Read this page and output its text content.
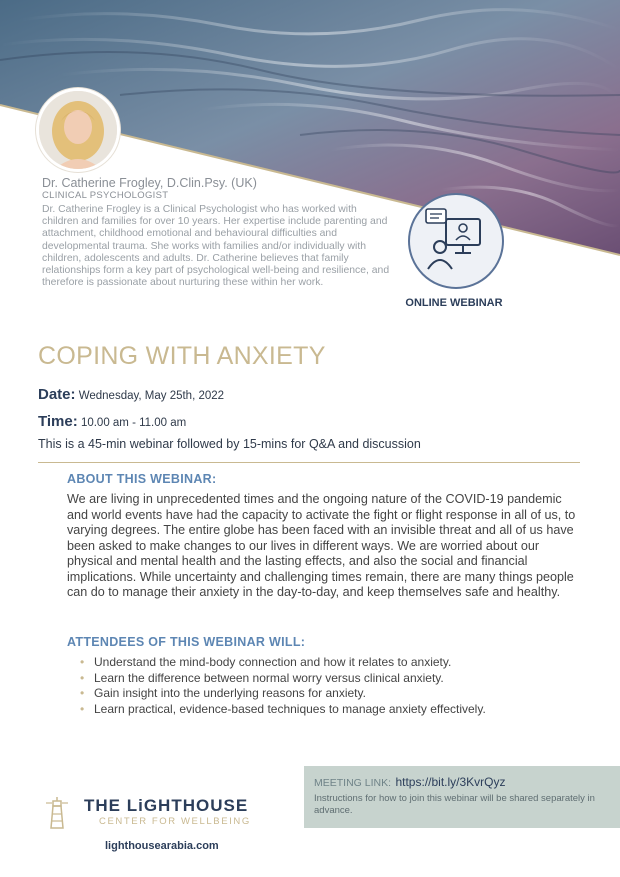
Dr. Catherine Frogley, D.Clin.Psy. (UK)
CLINICAL PSYCHOLOGIST
Dr. Catherine Frogley is a Clinical Psychologist who has worked with children and families for over 10 years. Her expertise include parenting and attachment, childhood emotional and behavioural difficulties and developmental trauma. She works with families and/or individually with children, adolescents and adults. Dr. Catherine believes that family relationships form a key part of psychological well-being and resilience, and therefore is passionate about nurturing these within her work.
ONLINE WEBINAR
COPING WITH ANXIETY
Date: Wednesday, May 25th, 2022
Time: 10.00 am - 11.00 am
This is a 45-min webinar followed by 15-mins for Q&A and discussion
ABOUT THIS WEBINAR:
We are living in unprecedented times and the ongoing nature of the COVID-19 pandemic and world events have had the capacity to activate the fight or flight response in all of us, to varying degrees. The entire globe has been faced with an invisible threat and all of us have been asked to make changes to our lives in different ways. We are worried about our physical and mental health and the lasting effects, and also the social and financial implications. While uncertainty and challenging times remain, there are many things people can do to manage their anxiety in the day-to-day, and keep themselves safe and healthy.
ATTENDEES OF THIS WEBINAR WILL:
• Understand the mind-body connection and how it relates to anxiety.
• Learn the difference between normal worry versus clinical anxiety.
• Gain insight into the underlying reasons for anxiety.
• Learn practical, evidence-based techniques to manage anxiety effectively.
THE LiGHTHOUSE
CENTER FOR WELLBEING
lighthousearabia.com
MEETING LINK: https://bit.ly/3KvrQyz
Instructions for how to join this webinar will be shared separately in advance.
